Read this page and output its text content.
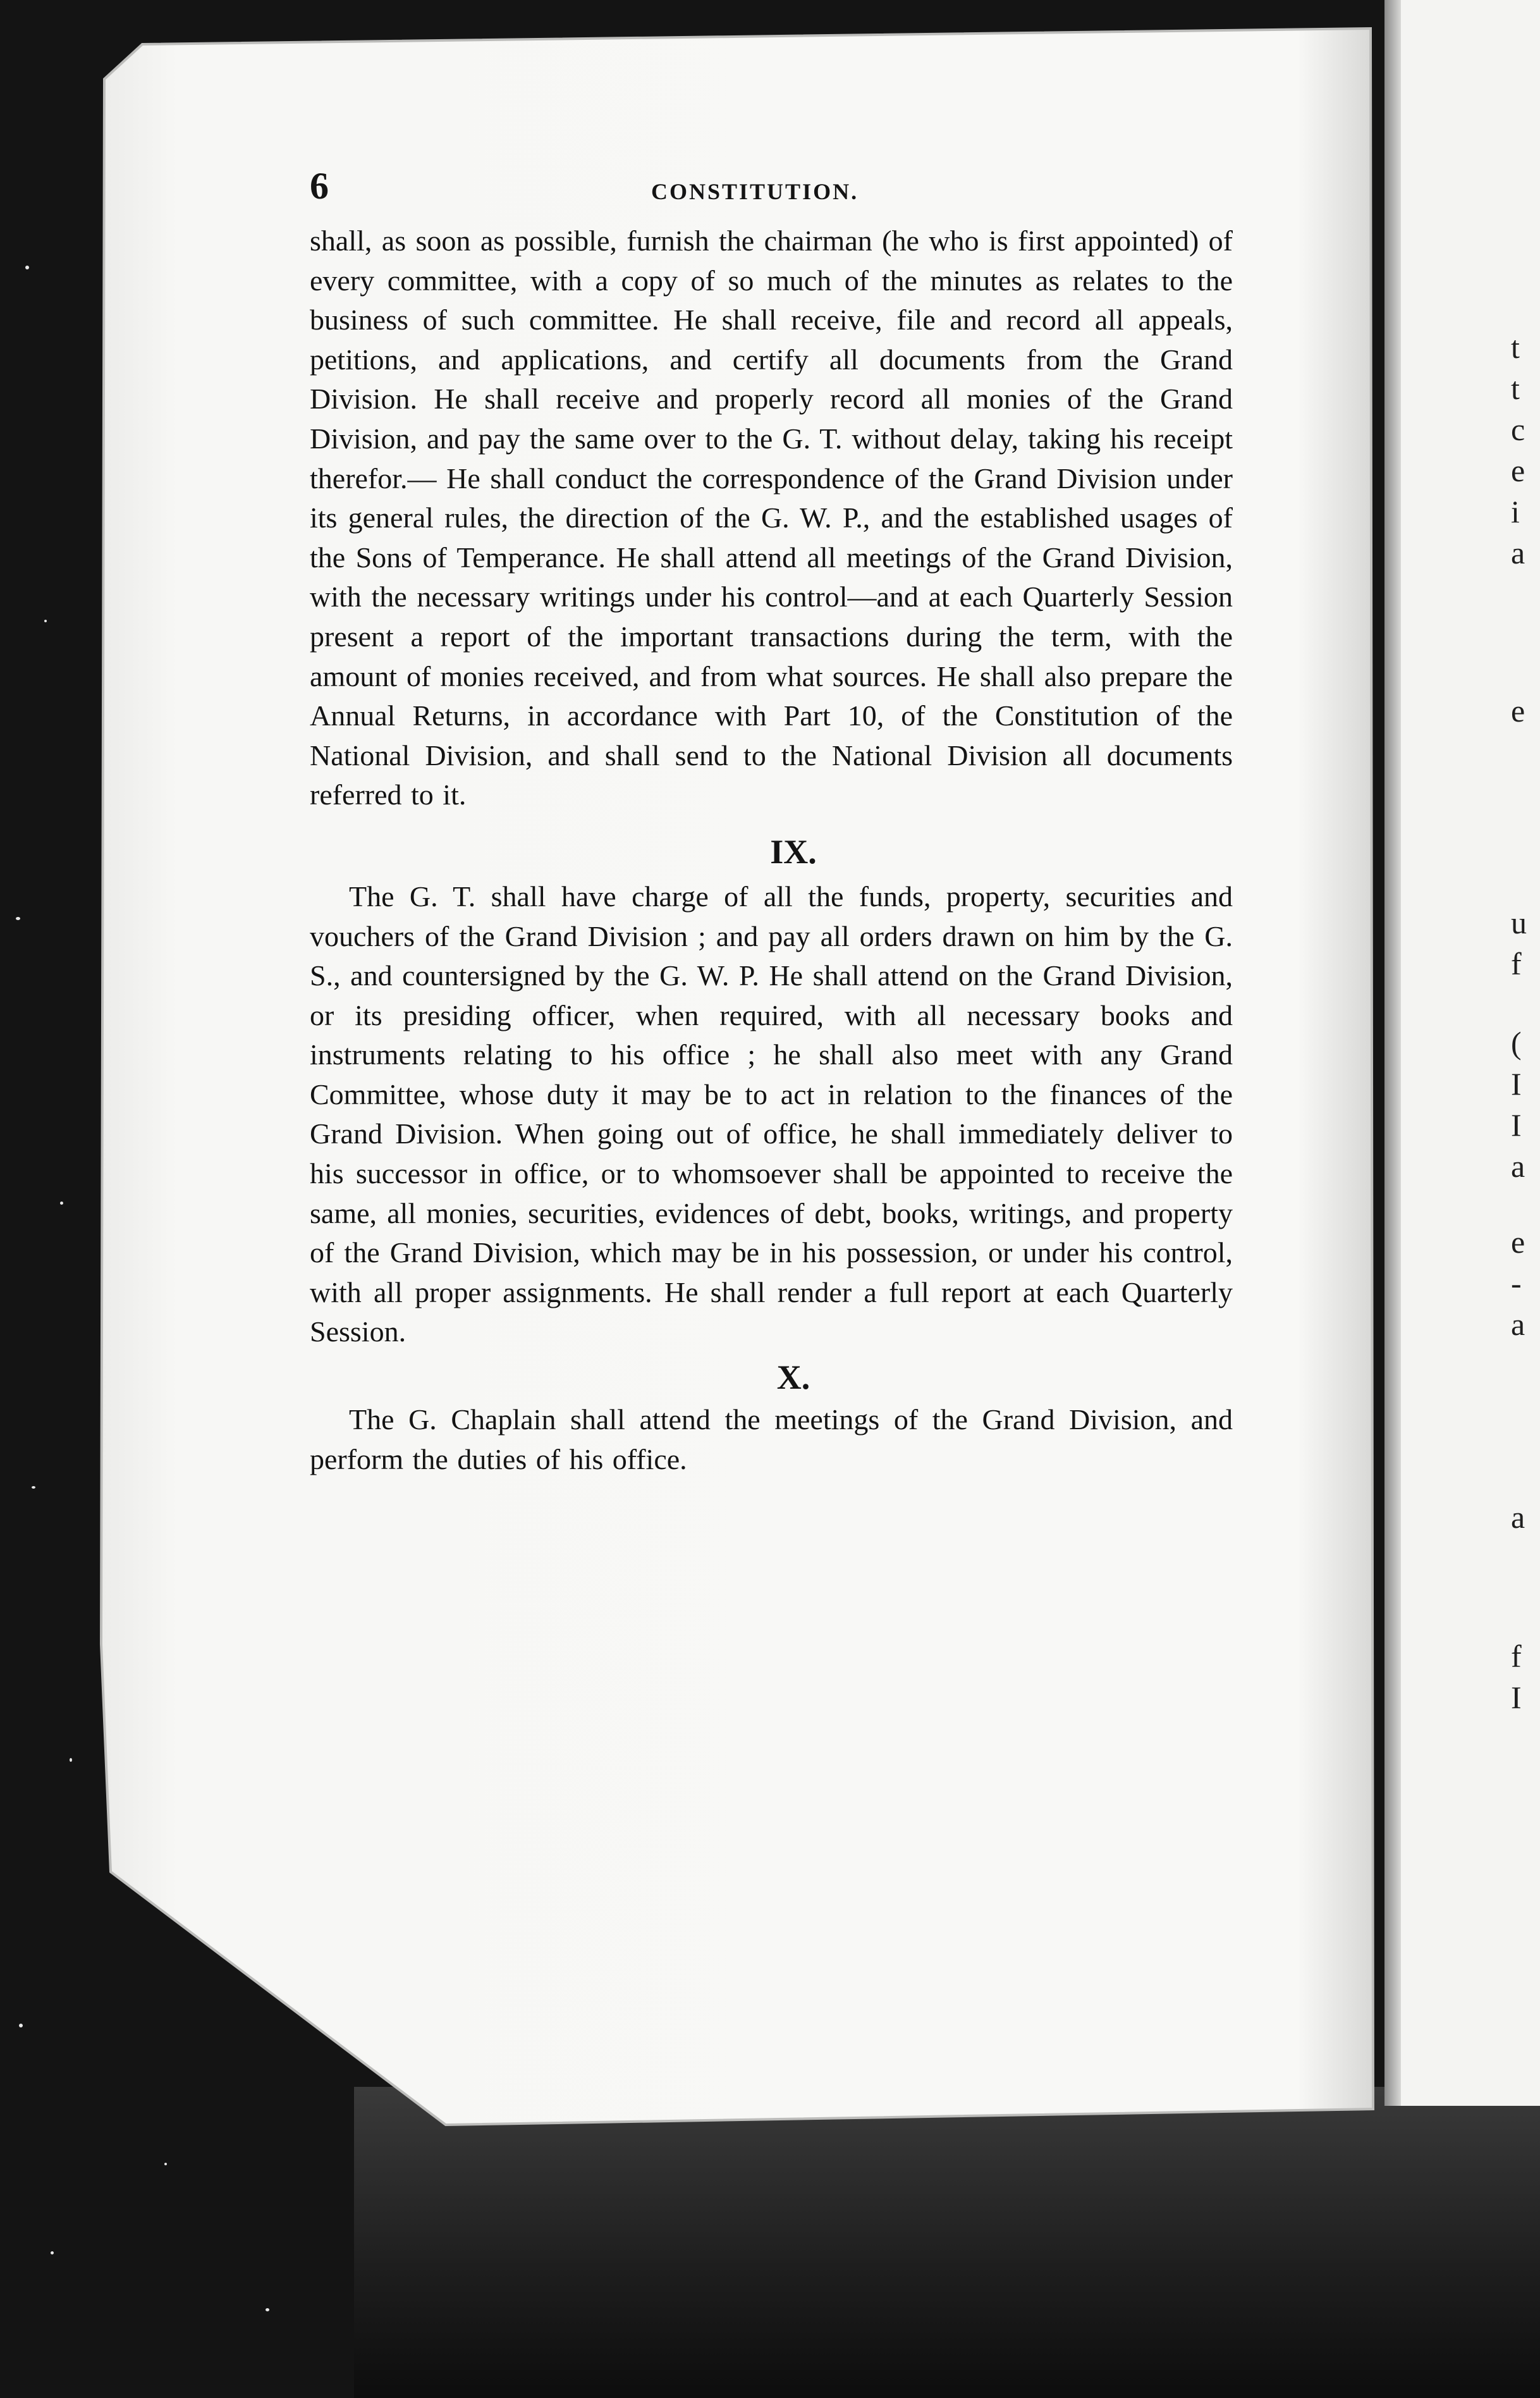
t
t
c
e
i
a
e
u
f
(
I
I
a
e
-
a
a
f
I
6	CONSTITUTION.

shall, as soon as possible, furnish the chairman (he who is first appointed) of every committee, with a copy of so much of the minutes as relates to the business of such committee. He shall receive, file and record all appeals, petitions, and applications, and certify all documents from the Grand Division. He shall receive and properly record all monies of the Grand Division, and pay the same over to the G. T. without delay, taking his receipt therefor.— He shall conduct the correspondence of the Grand Division under its general rules, the direction of the G. W. P., and the established usages of the Sons of Temperance. He shall attend all meetings of the Grand Division, with the necessary writings under his control—and at each Quarterly Session present a report of the important transactions during the term, with the amount of monies received, and from what sources. He shall also prepare the Annual Returns, in accordance with Part 10, of the Constitution of the National Division, and shall send to the National Division all documents referred to it.

IX.

The G. T. shall have charge of all the funds, property, securities and vouchers of the Grand Division ; and pay all orders drawn on him by the G. S., and countersigned by the G. W. P. He shall attend on the Grand Division, or its presiding officer, when required, with all necessary books and instruments relating to his office ; he shall also meet with any Grand Committee, whose duty it may be to act in relation to the finances of the Grand Division. When going out of office, he shall immediately deliver to his successor in office, or to whomsoever shall be appointed to receive the same, all monies, securities, evidences of debt, books, writings, and property of the Grand Division, which may be in his possession, or under his control, with all proper assignments. He shall render a full report at each Quarterly Session.

X.

The G. Chaplain shall attend the meetings of the Grand Division, and perform the duties of his office.
